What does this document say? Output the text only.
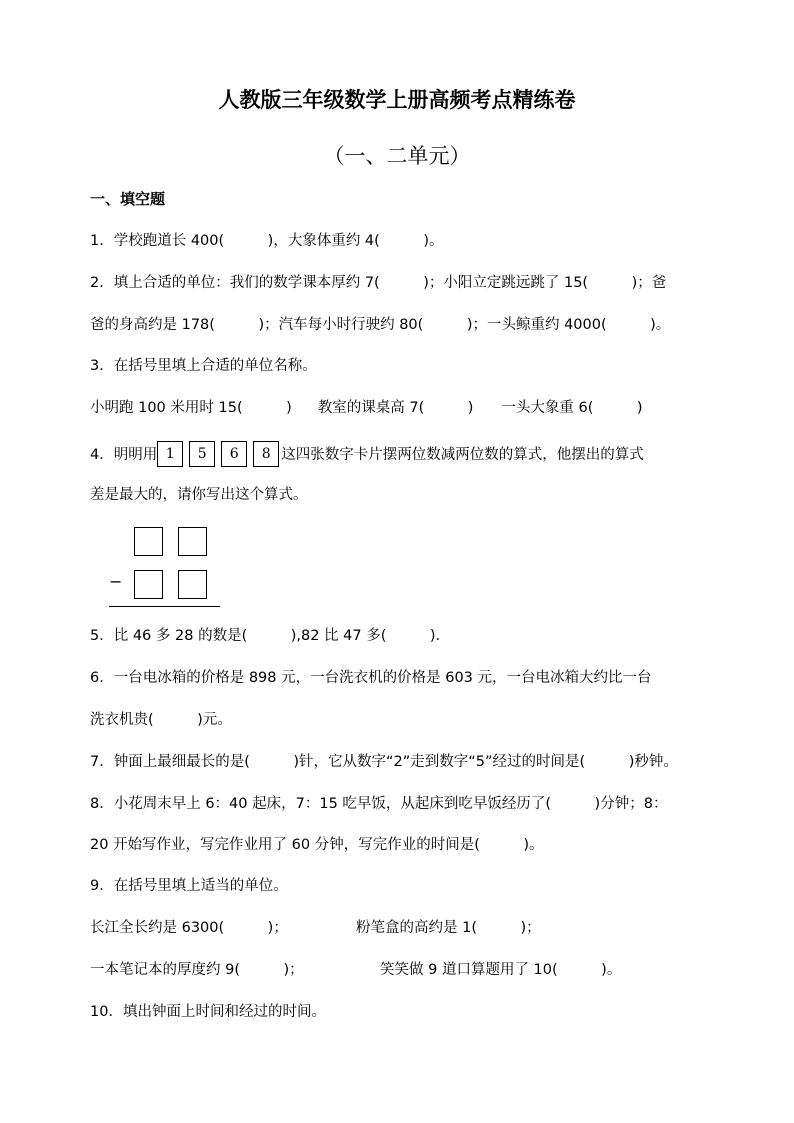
人教版三年级数学上册高频考点精练卷
（一、二单元）
一、填空题
1．学校跑道长 400(　　　)，大象体重约 4(　　　)。
2．填上合适的单位：我们的数学课本厚约 7(　　　)；小阳立定跳远跳了 15(　　　)；爸
爸的身高约是 178(　　　)；汽车每小时行驶约 80(　　　)；一头鲸重约 4000(　　　)。
3．在括号里填上合适的单位名称。
小明跑 100 米用时 15(　　　) 教室的课桌高 7(　　　) 一头大象重 6(　　　)
4．明明用 1 5 6 8 这四张数字卡片摆两位数减两位数的算式，他摆出的算式
差是最大的，请你写出这个算式。
−
5．比 46 多 28 的数是(　　　),82 比 47 多(　　　)．
6．一台电冰箱的价格是 898 元，一台洗衣机的价格是 603 元，一台电冰箱大约比一台
洗衣机贵(　　　)元。
7．钟面上最细最长的是(　　　)针，它从数字“2”走到数字“5”经过的时间是(　　　)秒钟。
8．小花周末早上 6：40 起床，7：15 吃早饭，从起床到吃早饭经历了(　　　)分钟；8：
20 开始写作业，写完作业用了 60 分钟，写完作业的时间是(　　　)。
9．在括号里填上适当的单位。
长江全长约是 6300(　　　)；	粉笔盒的高约是 1(　　　)；
一本笔记本的厚度约 9(　　　)；	笑笑做 9 道口算题用了 10(　　　)。
10．填出钟面上时间和经过的时间。
